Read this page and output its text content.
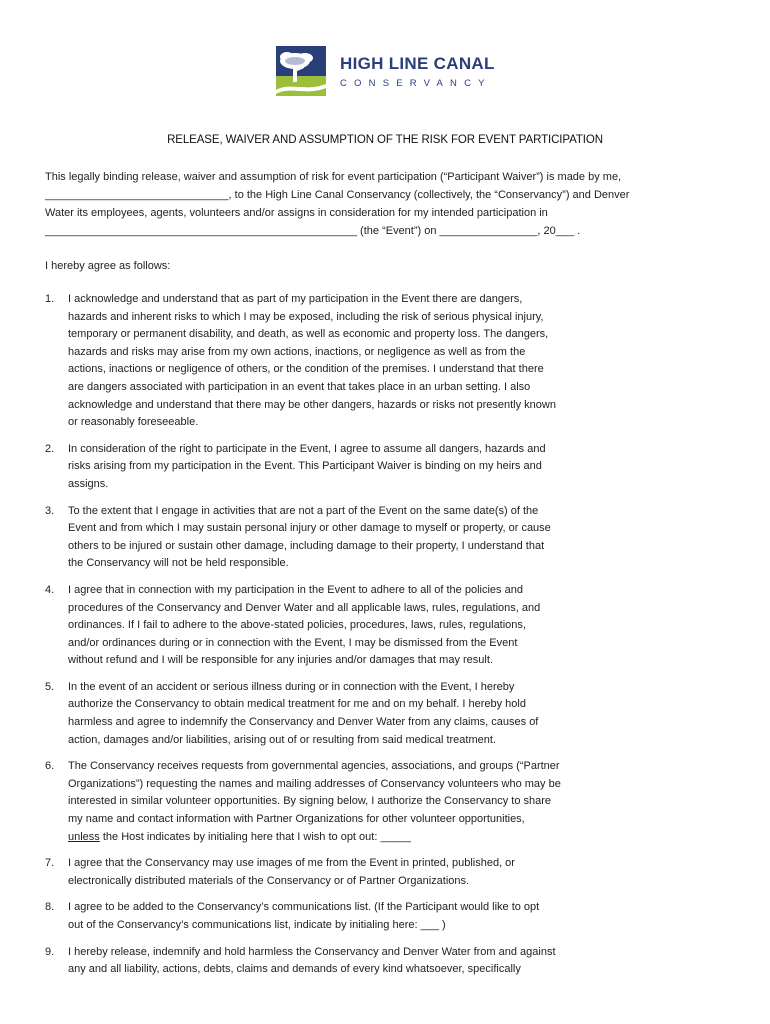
HIGH LINE CANAL
CONSERVANCY
RELEASE, WAIVER AND ASSUMPTION OF THE RISK FOR EVENT PARTICIPATION
This legally binding release, waiver and assumption of risk for event participation (“Participant Waiver”) is made by me,
______________________________, to the High Line Canal Conservancy (collectively, the “Conservancy”) and Denver
Water its employees, agents, volunteers and/or assigns in consideration for my intended participation in
___________________________________________________ (the “Event”) on ________________, 20___ .
I hereby agree as follows:
1. I acknowledge and understand that as part of my participation in the Event there are dangers,
hazards and inherent risks to which I may be exposed, including the risk of serious physical injury,
temporary or permanent disability, and death, as well as economic and property loss. The dangers,
hazards and risks may arise from my own actions, inactions, or negligence as well as from the
actions, inactions or negligence of others, or the condition of the premises. I understand that there
are dangers associated with participation in an event that takes place in an urban setting. I also
acknowledge and understand that there may be other dangers, hazards or risks not presently known
or reasonably foreseeable.
2. In consideration of the right to participate in the Event, I agree to assume all dangers, hazards and
risks arising from my participation in the Event. This Participant Waiver is binding on my heirs and
assigns.
3. To the extent that I engage in activities that are not a part of the Event on the same date(s) of the
Event and from which I may sustain personal injury or other damage to myself or property, or cause
others to be injured or sustain other damage, including damage to their property, I understand that
the Conservancy will not be held responsible.
4. I agree that in connection with my participation in the Event to adhere to all of the policies and
procedures of the Conservancy and Denver Water and all applicable laws, rules, regulations, and
ordinances. If I fail to adhere to the above-stated policies, procedures, laws, rules, regulations,
and/or ordinances during or in connection with the Event, I may be dismissed from the Event
without refund and I will be responsible for any injuries and/or damages that may result.
5. In the event of an accident or serious illness during or in connection with the Event, I hereby
authorize the Conservancy to obtain medical treatment for me and on my behalf. I hereby hold
harmless and agree to indemnify the Conservancy and Denver Water from any claims, causes of
action, damages and/or liabilities, arising out of or resulting from said medical treatment.
6. The Conservancy receives requests from governmental agencies, associations, and groups (“Partner
Organizations”) requesting the names and mailing addresses of Conservancy volunteers who may be
interested in similar volunteer opportunities. By signing below, I authorize the Conservancy to share
my name and contact information with Partner Organizations for other volunteer opportunities,
unless the Host indicates by initialing here that I wish to opt out: _____
7. I agree that the Conservancy may use images of me from the Event in printed, published, or
electronically distributed materials of the Conservancy or of Partner Organizations.
8. I agree to be added to the Conservancy’s communications list. (If the Participant would like to opt
out of the Conservancy’s communications list, indicate by initialing here: ___ )
9. I hereby release, indemnify and hold harmless the Conservancy and Denver Water from and against
any and all liability, actions, debts, claims and demands of every kind whatsoever, specifically
